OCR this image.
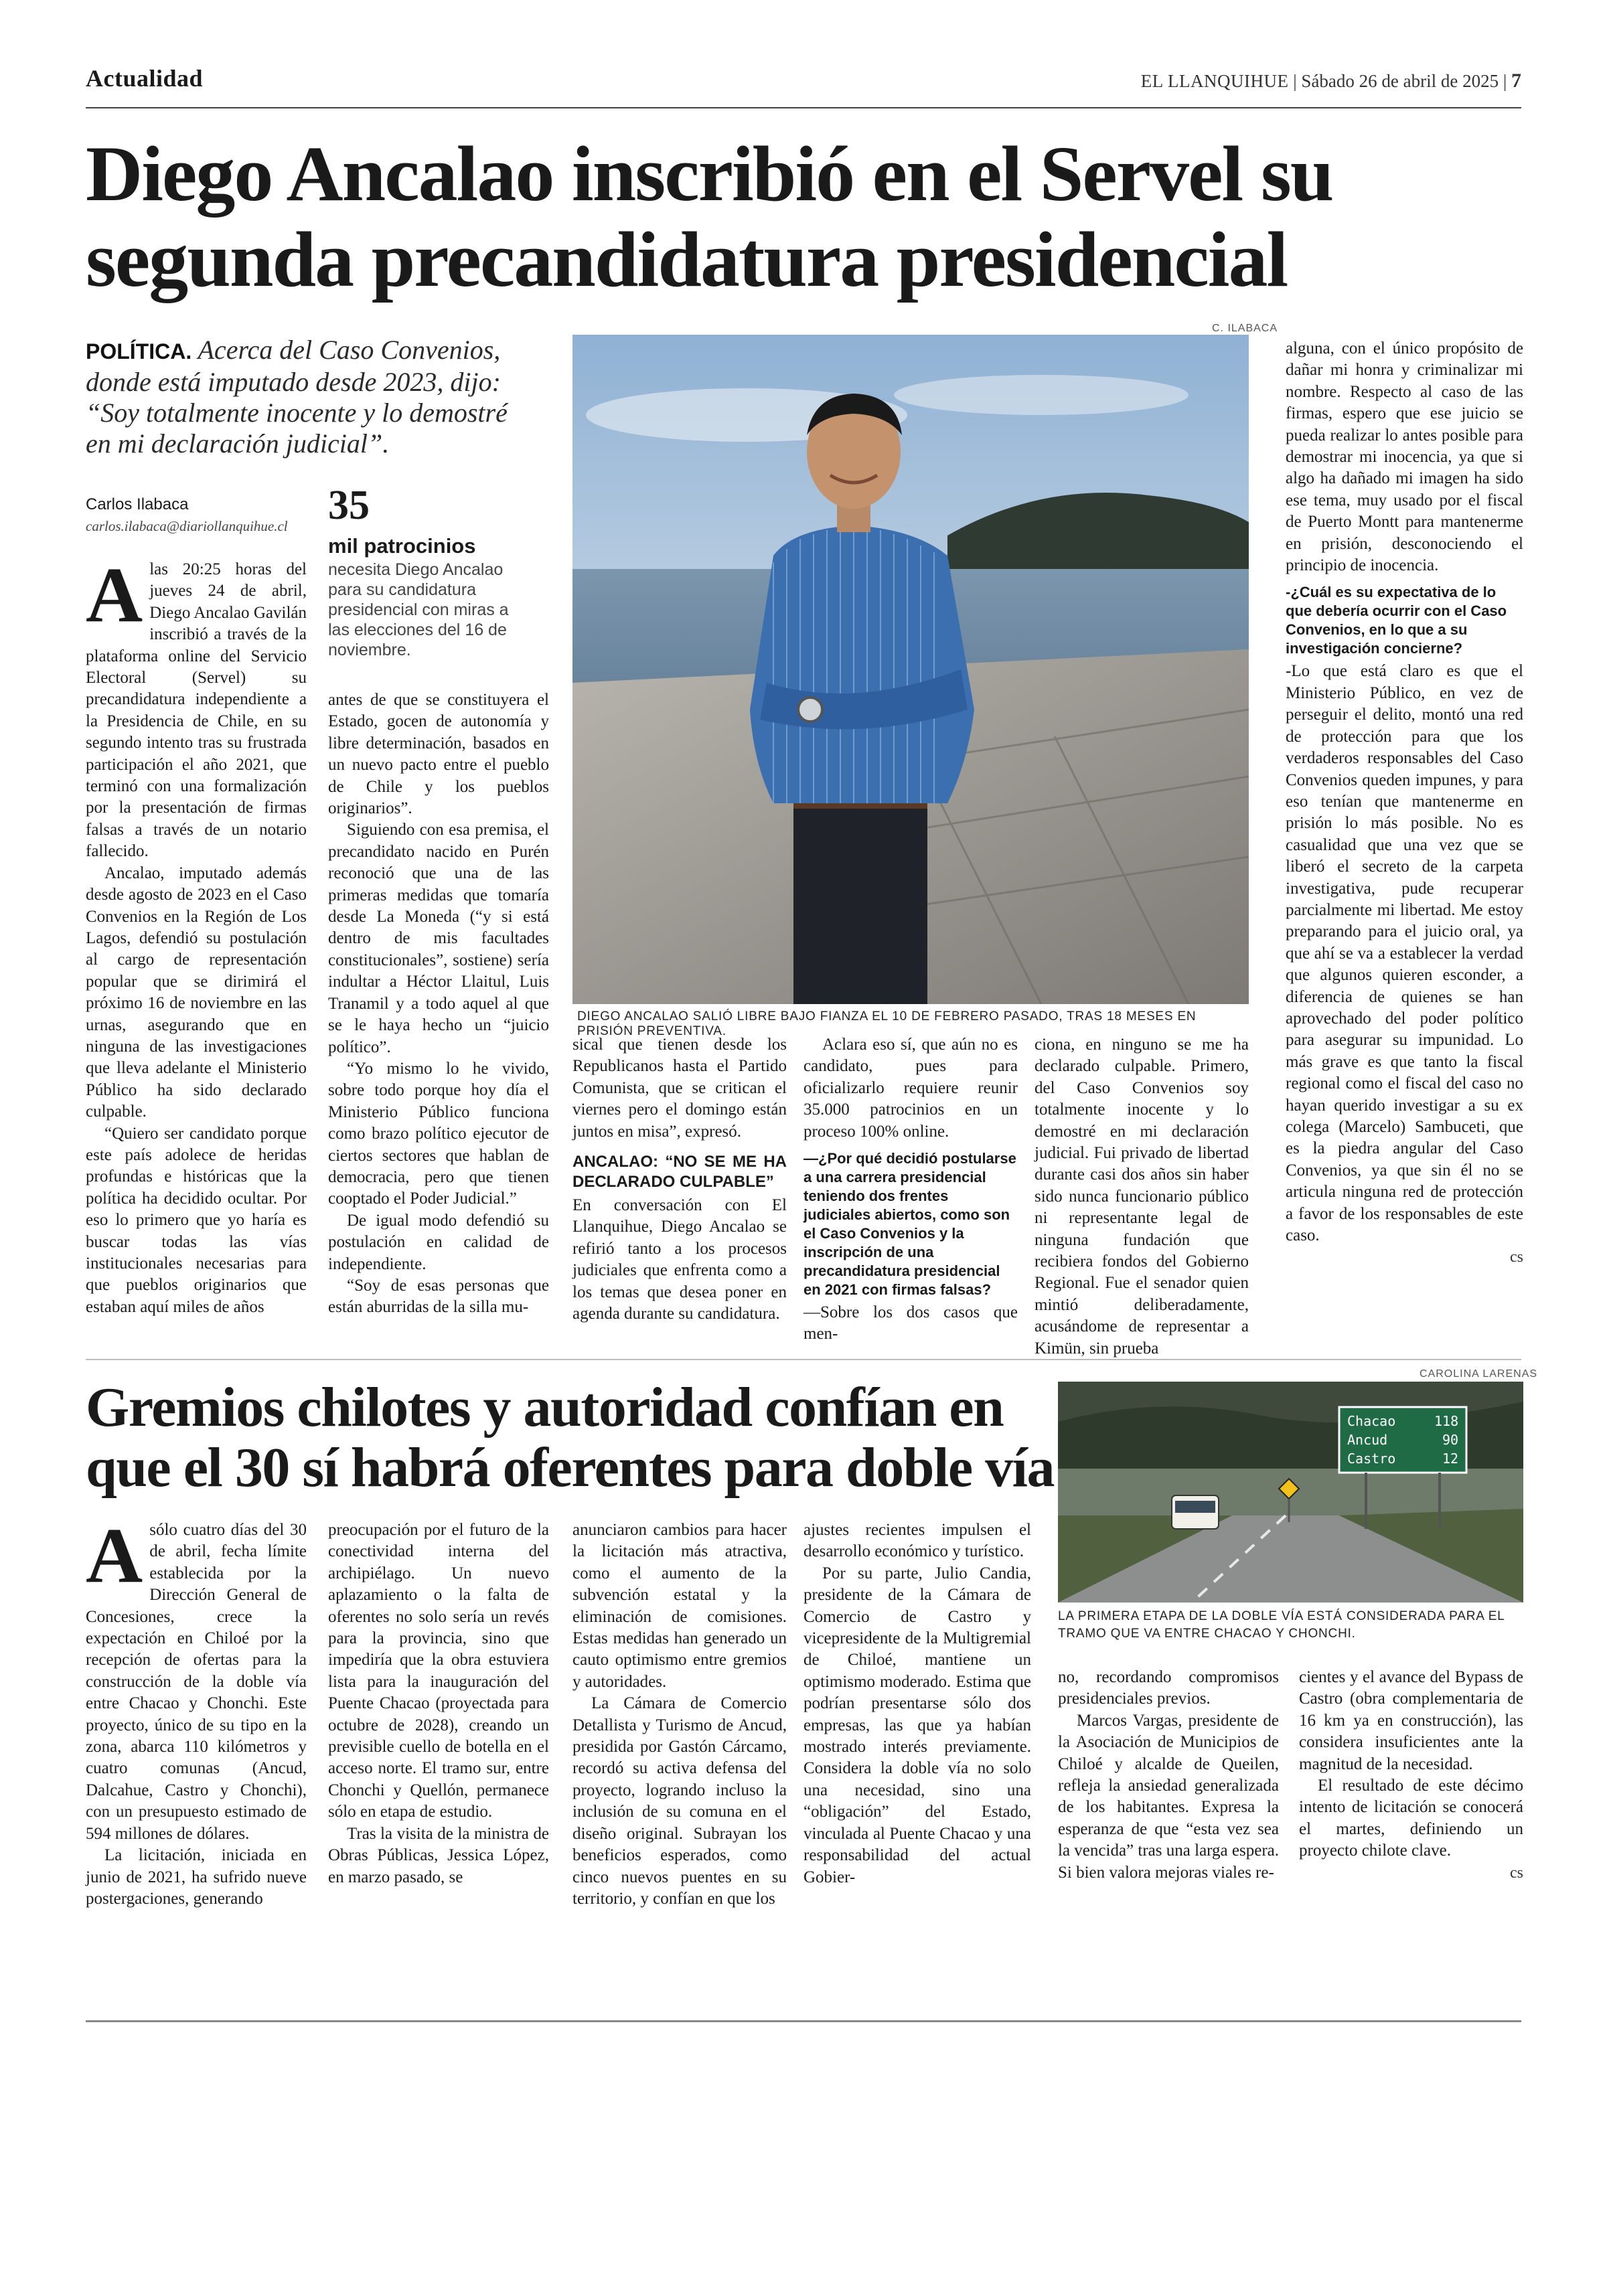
Actualidad	EL LLANQUIHUE | Sábado 26 de abril de 2025 | 7
Diego Ancalao inscribió en el Servel su segunda precandidatura presidencial
POLÍTICA. Acerca del Caso Convenios, donde está imputado desde 2023, dijo: “Soy totalmente inocente y lo demostré en mi declaración judicial”.
Carlos Ilabaca
carlos.ilabaca@diariollanquihue.cl 35
mil patrocinios
necesita Diego Ancalao para su candidatura presidencial con miras a las elecciones del 16 de noviembre.

Alas 20:25 horas del jueves 24 de abril, Diego Ancalao Gavilán inscribió a través de la plataforma online del Servicio Electoral (Servel) su precandidatura independiente a la Presidencia de Chile, en su segundo intento tras su frustrada participación el año 2021, que terminó con una formalización por la presentación de firmas falsas a través de un notario fallecido.

Ancalao, imputado además desde agosto de 2023 en el Caso Convenios en la Región de Los Lagos, defendió su postulación al cargo de representación popular que se dirimirá el próximo 16 de noviembre en las urnas, asegurando que en ninguna de las investigaciones que lleva adelante el Ministerio Público ha sido declarado culpable.

“Quiero ser candidato porque este país adolece de heridas profundas e históricas que la política ha decidido ocultar. Por eso lo primero que yo haría es buscar todas las vías institucionales necesarias para que pueblos originarios que estaban aquí miles de años

antes de que se constituyera el Estado, gocen de autonomía y libre determinación, basados en un nuevo pacto entre el pueblo de Chile y los pueblos originarios”.

Siguiendo con esa premisa, el precandidato nacido en Purén reconoció que una de las primeras medidas que tomaría desde La Moneda (“y si está dentro de mis facultades constitucionales”, sostiene) sería indultar a Héctor Llaitul, Luis Tranamil y a todo aquel al que se le haya hecho un “juicio político”.

“Yo mismo lo he vivido, sobre todo porque hoy día el Ministerio Público funciona como brazo político ejecutor de ciertos sectores que hablan de democracia, pero que tienen cooptado el Poder Judicial.”

De igual modo defendió su postulación en calidad de independiente.

“Soy de esas personas que están aburridas de la silla mu-

C. ILABACA
DIEGO ANCALAO SALIÓ LIBRE BAJO FIANZA EL 10 DE FEBRERO PASADO, TRAS 18 MESES EN PRISIÓN PREVENTIVA.

sical que tienen desde los Republicanos hasta el Partido Comunista, que se critican el viernes pero el domingo están juntos en misa”, expresó.

ANCALAO: “NO SE ME HA DECLARADO CULPABLE”

En conversación con El Llanquihue, Diego Ancalao se refirió tanto a los procesos judiciales que enfrenta como a los temas que desea poner en agenda durante su candidatura.

Aclara eso sí, que aún no es candidato, pues para oficializarlo requiere reunir 35.000 patrocinios en un proceso 100% online.

—¿Por qué decidió postularse a una carrera presidencial teniendo dos frentes judiciales abiertos, como son el Caso Convenios y la inscripción de una precandidatura presidencial en 2021 con firmas falsas?

—Sobre los dos casos que men-

ciona, en ninguno se me ha declarado culpable. Primero, del Caso Convenios soy totalmente inocente y lo demostré en mi declaración judicial. Fui privado de libertad durante casi dos años sin haber sido nunca funcionario público ni representante legal de ninguna fundación que recibiera fondos del Gobierno Regional. Fue el senador quien mintió deliberadamente, acusándome de representar a Kimün, sin prueba

alguna, con el único propósito de dañar mi honra y criminalizar mi nombre. Respecto al caso de las firmas, espero que ese juicio se pueda realizar lo antes posible para demostrar mi inocencia, ya que si algo ha dañado mi imagen ha sido ese tema, muy usado por el fiscal de Puerto Montt para mantenerme en prisión, desconociendo el principio de inocencia.

-¿Cuál es su expectativa de lo que debería ocurrir con el Caso Convenios, en lo que a su investigación concierne?

-Lo que está claro es que el Ministerio Público, en vez de perseguir el delito, montó una red de protección para que los verdaderos responsables del Caso Convenios queden impunes, y para eso tenían que mantenerme en prisión lo más posible. No es casualidad que una vez que se liberó el secreto de la carpeta investigativa, pude recuperar parcialmente mi libertad. Me estoy preparando para el juicio oral, ya que ahí se va a establecer la verdad que algunos quieren esconder, a diferencia de quienes se han aprovechado del poder político para asegurar su impunidad. Lo más grave es que tanto la fiscal regional como el fiscal del caso no hayan querido investigar a su ex colega (Marcelo) Sambuceti, que es la piedra angular del Caso Convenios, ya que sin él no se articula ninguna red de protección a favor de los responsables de este caso.

cs
Gremios chilotes y autoridad confían en que el 30 sí habrá oferentes para doble vía
CAROLINA LARENAS
Chacao	118
Ancud	90
Castro	12
LA PRIMERA ETAPA DE LA DOBLE VÍA ESTÁ CONSIDERADA PARA EL TRAMO QUE VA ENTRE CHACAO Y CHONCHI.

Asólo cuatro días del 30 de abril, fecha límite establecida por la Dirección General de Concesiones, crece la expectación en Chiloé por la recepción de ofertas para la construcción de la doble vía entre Chacao y Chonchi. Este proyecto, único de su tipo en la zona, abarca 110 kilómetros y cuatro comunas (Ancud, Dalcahue, Castro y Chonchi), con un presupuesto estimado de 594 millones de dólares.

La licitación, iniciada en junio de 2021, ha sufrido nueve postergaciones, generando

preocupación por el futuro de la conectividad interna del archipiélago. Un nuevo aplazamiento o la falta de oferentes no solo sería un revés para la provincia, sino que impediría que la obra estuviera lista para la inauguración del Puente Chacao (proyectada para octubre de 2028), creando un previsible cuello de botella en el acceso norte. El tramo sur, entre Chonchi y Quellón, permanece sólo en etapa de estudio.

Tras la visita de la ministra de Obras Públicas, Jessica López, en marzo pasado, se

anunciaron cambios para hacer la licitación más atractiva, como el aumento de la subvención estatal y la eliminación de comisiones. Estas medidas han generado un cauto optimismo entre gremios y autoridades.

La Cámara de Comercio Detallista y Turismo de Ancud, presidida por Gastón Cárcamo, recordó su activa defensa del proyecto, logrando incluso la inclusión de su comuna en el diseño original. Subrayan los beneficios esperados, como cinco nuevos puentes en su territorio, y confían en que los

ajustes recientes impulsen el desarrollo económico y turístico.

Por su parte, Julio Candia, presidente de la Cámara de Comercio de Castro y vicepresidente de la Multigremial de Chiloé, mantiene un optimismo moderado. Estima que podrían presentarse sólo dos empresas, las que ya habían mostrado interés previamente. Considera la doble vía no solo una necesidad, sino una “obligación” del Estado, vinculada al Puente Chacao y una responsabilidad del actual Gobier-

no, recordando compromisos presidenciales previos.

Marcos Vargas, presidente de la Asociación de Municipios de Chiloé y alcalde de Queilen, refleja la ansiedad generalizada de los habitantes. Expresa la esperanza de que “esta vez sea la vencida” tras una larga espera. Si bien valora mejoras viales re-

cientes y el avance del Bypass de Castro (obra complementaria de 16 km ya en construcción), las considera insuficientes ante la magnitud de la necesidad.

El resultado de este décimo intento de licitación se conocerá el martes, definiendo un proyecto chilote clave.

cs
